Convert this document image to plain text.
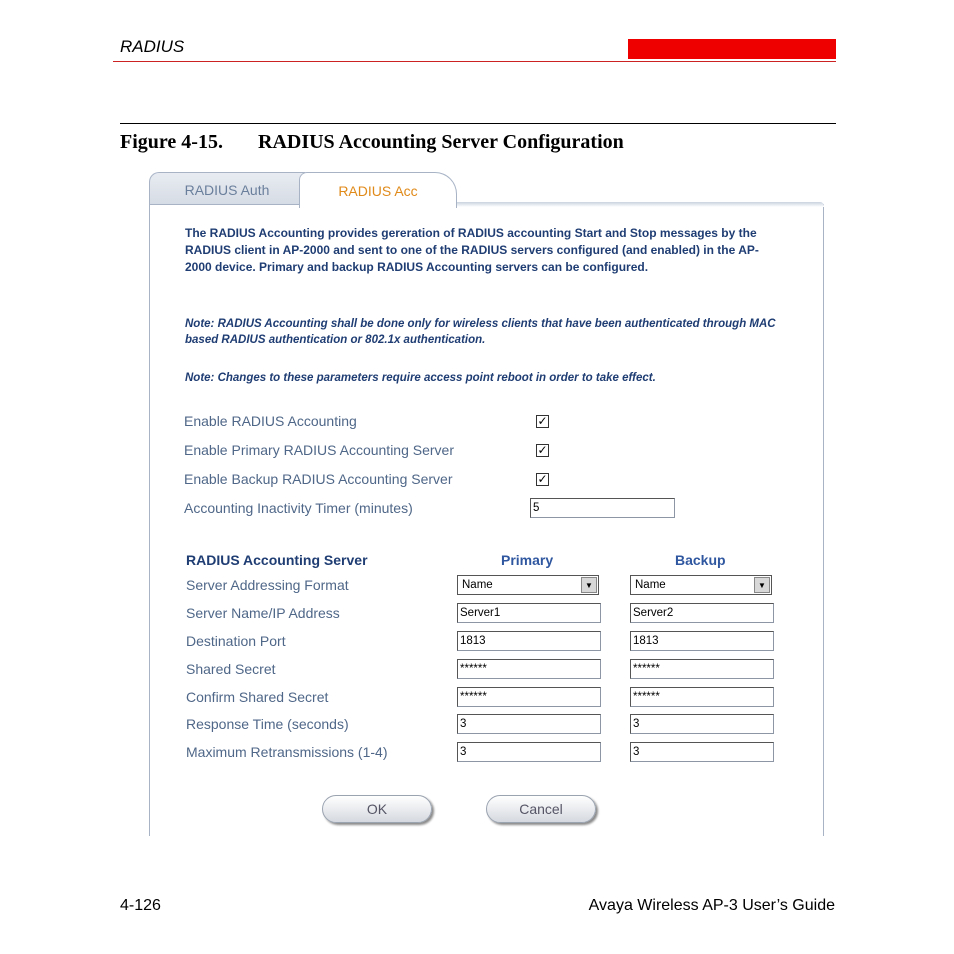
RADIUS
Figure 4-15. RADIUS Accounting Server Configuration
RADIUS Auth	RADIUS Acc
The RADIUS Accounting provides gereration of RADIUS accounting Start and Stop messages by the RADIUS client in AP-2000 and sent to one of the RADIUS servers configured (and enabled) in the AP-2000 device. Primary and backup RADIUS Accounting servers can be configured.
Note: RADIUS Accounting shall be done only for wireless clients that have been authenticated through MAC based RADIUS authentication or 802.1x authentication.
Note: Changes to these parameters require access point reboot in order to take effect.
Enable RADIUS Accounting	✓
Enable Primary RADIUS Accounting Server	✓
Enable Backup RADIUS Accounting Server	✓
Accounting Inactivity Timer (minutes)	5
RADIUS Accounting Server	Primary	Backup
Server Addressing Format	Name	▼	Name	▼
Server Name/IP Address	Server1	Server2
Destination Port	1813	1813
Shared Secret	******	******
Confirm Shared Secret	******	******
Response Time (seconds)	3	3
Maximum Retransmissions (1-4)	3	3
OK	Cancel
4-126	Avaya Wireless AP-3 User’s Guide
